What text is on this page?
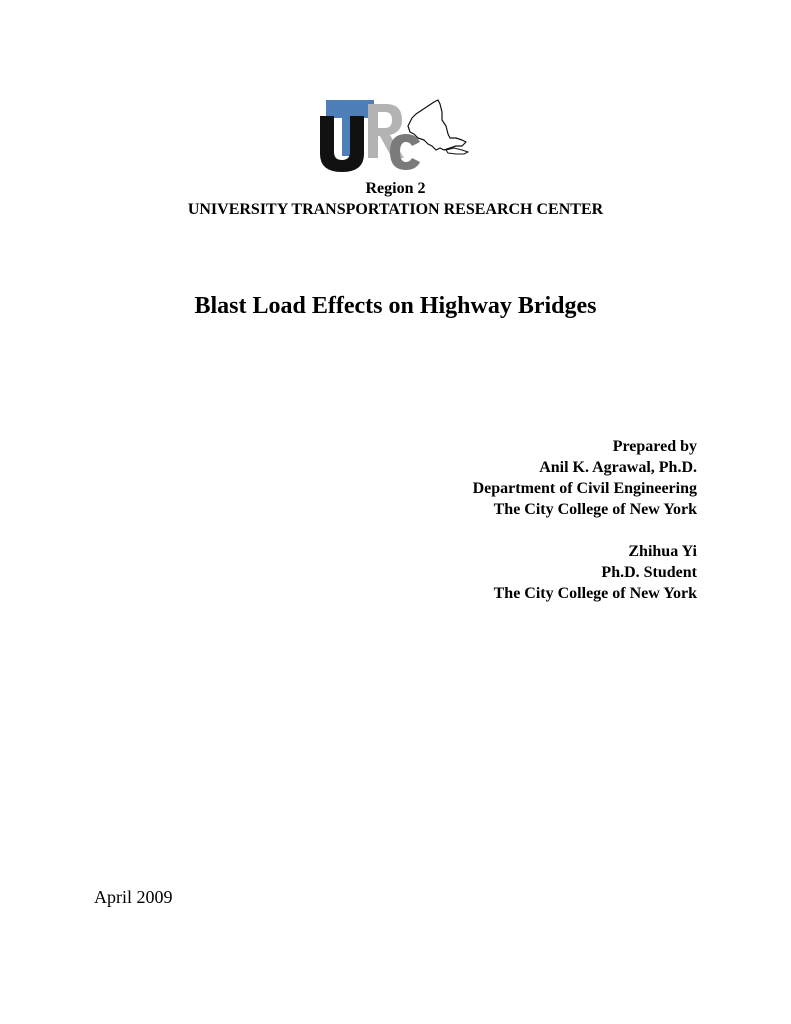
Region 2
UNIVERSITY TRANSPORTATION RESEARCH CENTER
Blast Load Effects on Highway Bridges
Prepared by
Anil K. Agrawal, Ph.D.
Department of Civil Engineering
The City College of New York
Zhihua Yi
Ph.D. Student
The City College of New York
April 2009
